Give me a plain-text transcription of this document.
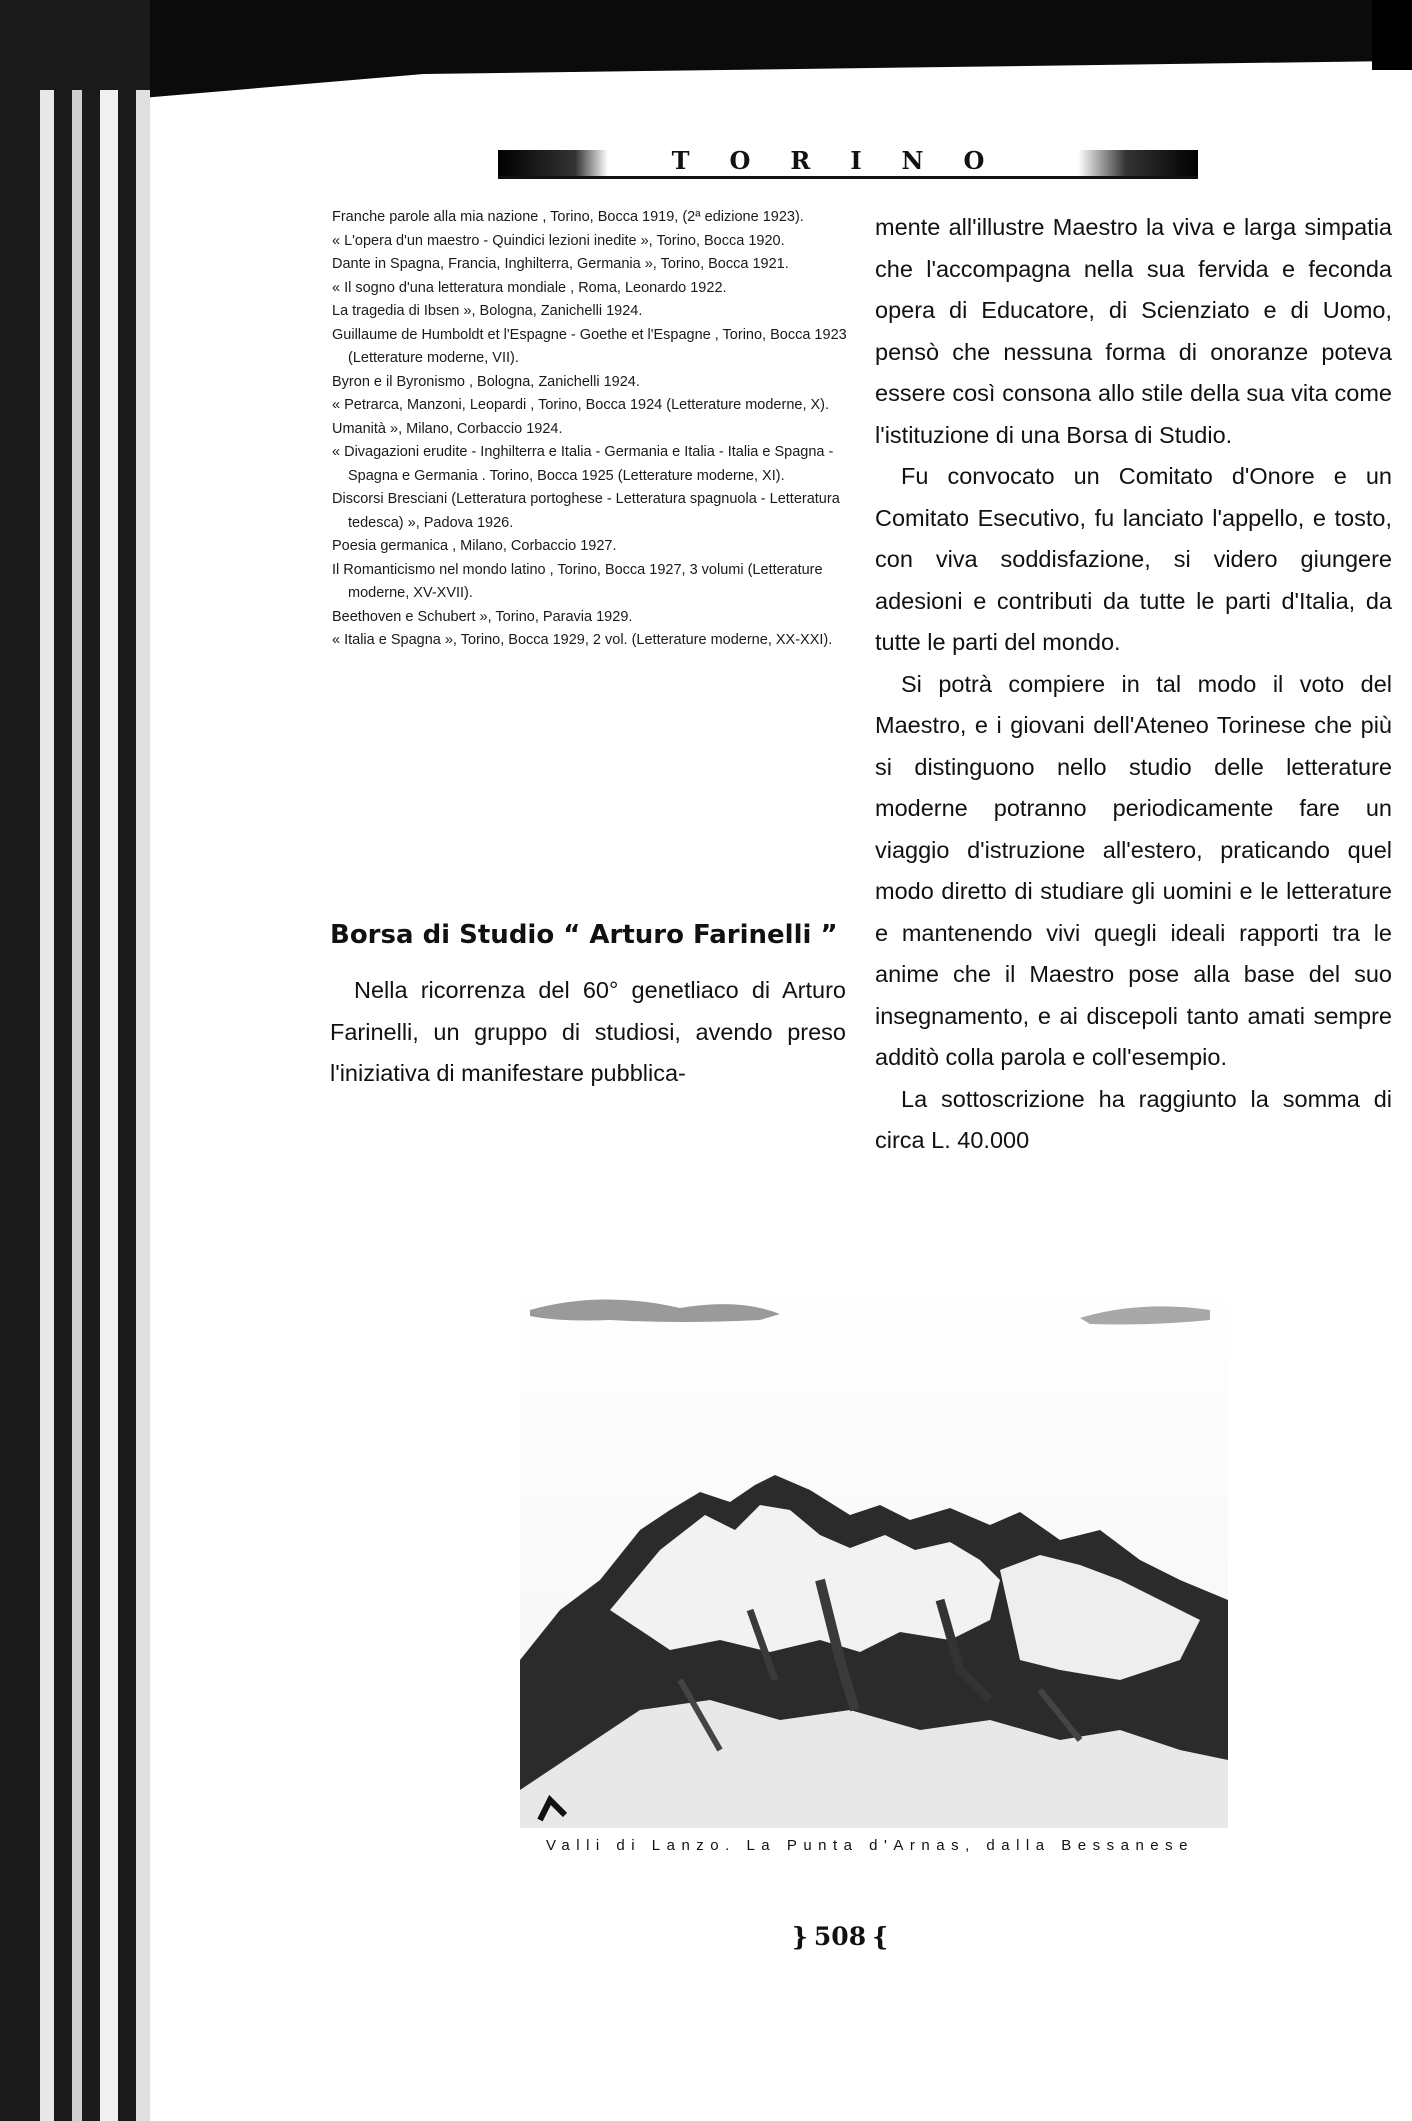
TORINO
Franche parole alla mia nazione , Torino, Bocca 1919, (2ª edizione 1923).
« L'opera d'un maestro - Quindici lezioni inedite », Torino, Bocca 1920.
Dante in Spagna, Francia, Inghilterra, Germania », Torino, Bocca 1921.
« Il sogno d'una letteratura mondiale , Roma, Leonardo 1922.
La tragedia di Ibsen », Bologna, Zanichelli 1924.
Guillaume de Humboldt et l'Espagne - Goethe et l'Espagne , Torino, Bocca 1923 (Letterature moderne, VII).
Byron e il Byronismo , Bologna, Zanichelli 1924.
« Petrarca, Manzoni, Leopardi , Torino, Bocca 1924 (Letterature moderne, X).
Umanità », Milano, Corbaccio 1924.
« Divagazioni erudite - Inghilterra e Italia - Germania e Italia - Italia e Spagna - Spagna e Germania . Torino, Bocca 1925 (Letterature moderne, XI).
Discorsi Bresciani (Letteratura portoghese - Letteratura spagnuola - Letteratura tedesca) », Padova 1926.
Poesia germanica , Milano, Corbaccio 1927.
Il Romanticismo nel mondo latino , Torino, Bocca 1927, 3 volumi (Letterature moderne, XV-XVII).
Beethoven e Schubert », Torino, Paravia 1929.
« Italia e Spagna », Torino, Bocca 1929, 2 vol. (Letterature moderne, XX-XXI).
Borsa di Studio “ Arturo Farinelli ”

Nella ricorrenza del 60° genetliaco di Arturo Farinelli, un gruppo di studiosi, avendo preso l'iniziativa di manifestare pubblica-

mente all'illustre Maestro la viva e larga simpatia che l'accompagna nella sua fervida e feconda opera di Educatore, di Scienziato e di Uomo, pensò che nessuna forma di onoranze poteva essere così consona allo stile della sua vita come l'istituzione di una Borsa di Studio.

Fu convocato un Comitato d'Onore e un Comitato Esecutivo, fu lanciato l'appello, e tosto, con viva soddisfazione, si videro giungere adesioni e contributi da tutte le parti d'Italia, da tutte le parti del mondo.

Si potrà compiere in tal modo il voto del Maestro, e i giovani dell'Ateneo Torinese che più si distinguono nello studio delle letterature moderne potranno periodicamente fare un viaggio d'istruzione all'estero, praticando quel modo diretto di studiare gli uomini e le letterature e mantenendo vivi quegli ideali rapporti tra le anime che il Maestro pose alla base del suo insegnamento, e ai discepoli tanto amati sempre additò colla parola e coll'esempio.

La sottoscrizione ha raggiunto la somma di circa L. 40.000

Valli di Lanzo. La Punta d'Arnas, dalla Bessanese

} 508 {
